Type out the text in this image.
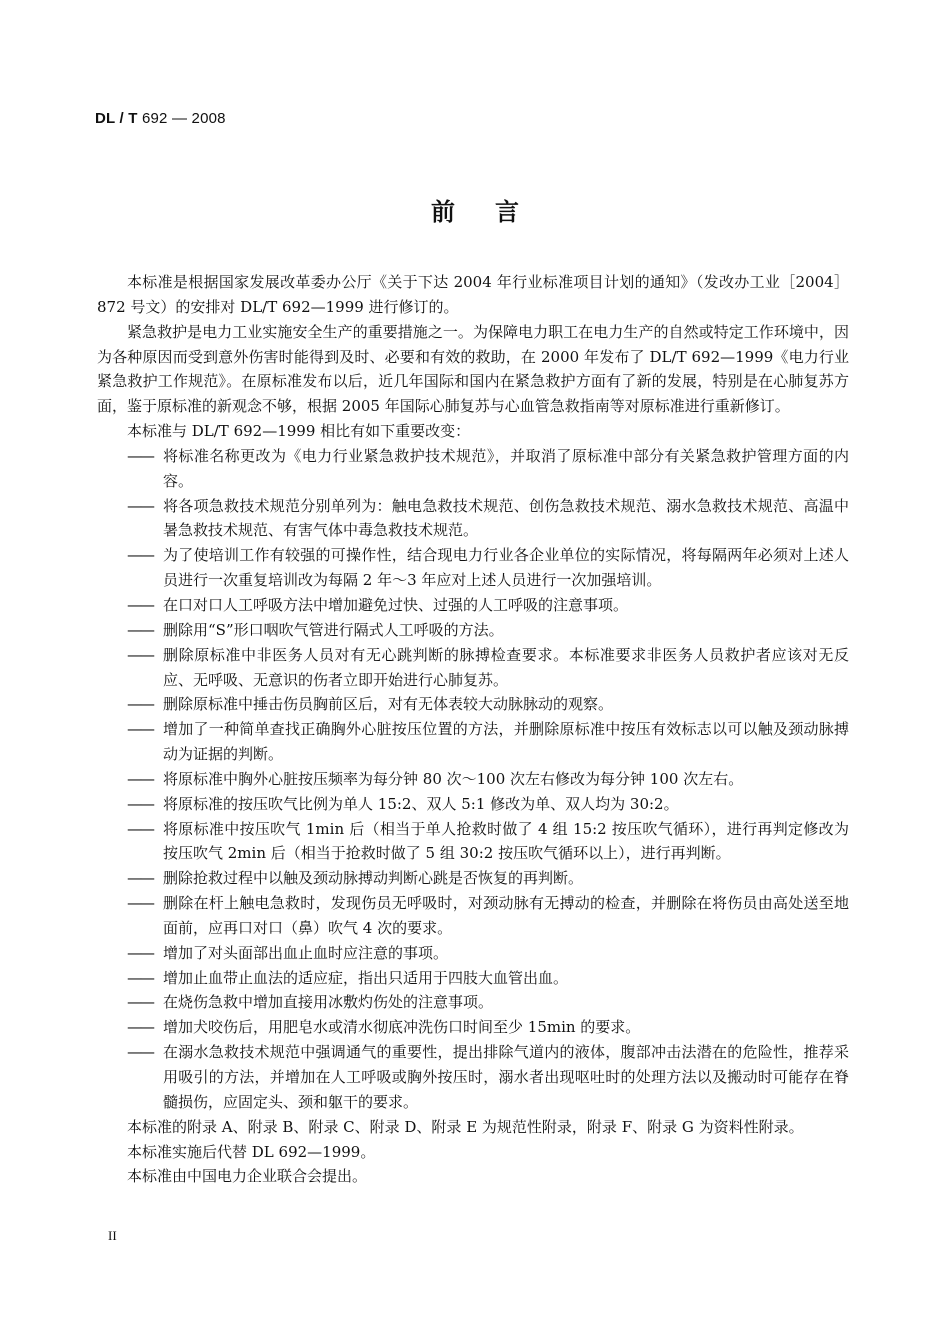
DL / T 692 — 2008
前言
本标准是根据国家发展改革委办公厅《关于下达 2004 年行业标准项目计划的通知》（发改办工业［2004］872 号文）的安排对 DL/T 692—1999 进行修订的。
紧急救护是电力工业实施安全生产的重要措施之一。为保障电力职工在电力生产的自然或特定工作环境中，因为各种原因而受到意外伤害时能得到及时、必要和有效的救助，在 2000 年发布了 DL/T 692—1999《电力行业紧急救护工作规范》。在原标准发布以后，近几年国际和国内在紧急救护方面有了新的发展，特别是在心肺复苏方面，鉴于原标准的新观念不够，根据 2005 年国际心肺复苏与心血管急救指南等对原标准进行重新修订。
本标准与 DL/T 692—1999 相比有如下重要改变：
—— 将标准名称更改为《电力行业紧急救护技术规范》，并取消了原标准中部分有关紧急救护管理方面的内容。
—— 将各项急救技术规范分别单列为：触电急救技术规范、创伤急救技术规范、溺水急救技术规范、高温中暑急救技术规范、有害气体中毒急救技术规范。
—— 为了使培训工作有较强的可操作性，结合现电力行业各企业单位的实际情况，将每隔两年必须对上述人员进行一次重复培训改为每隔 2 年～3 年应对上述人员进行一次加强培训。
—— 在口对口人工呼吸方法中增加避免过快、过强的人工呼吸的注意事项。
—— 删除用“S”形口咽吹气管进行隔式人工呼吸的方法。
—— 删除原标准中非医务人员对有无心跳判断的脉搏检查要求。本标准要求非医务人员救护者应该对无反应、无呼吸、无意识的伤者立即开始进行心肺复苏。
—— 删除原标准中捶击伤员胸前区后，对有无体表较大动脉脉动的观察。
—— 增加了一种简单查找正确胸外心脏按压位置的方法，并删除原标准中按压有效标志以可以触及颈动脉搏动为证据的判断。
—— 将原标准中胸外心脏按压频率为每分钟 80 次～100 次左右修改为每分钟 100 次左右。
—— 将原标准的按压吹气比例为单人 15:2、双人 5:1 修改为单、双人均为 30:2。
—— 将原标准中按压吹气 1min 后（相当于单人抢救时做了 4 组 15:2 按压吹气循环），进行再判定修改为按压吹气 2min 后（相当于抢救时做了 5 组 30:2 按压吹气循环以上），进行再判断。
—— 删除抢救过程中以触及颈动脉搏动判断心跳是否恢复的再判断。
—— 删除在杆上触电急救时，发现伤员无呼吸时，对颈动脉有无搏动的检查，并删除在将伤员由高处送至地面前，应再口对口（鼻）吹气 4 次的要求。
—— 增加了对头面部出血止血时应注意的事项。
—— 增加止血带止血法的适应症，指出只适用于四肢大血管出血。
—— 在烧伤急救中增加直接用冰敷灼伤处的注意事项。
—— 增加犬咬伤后，用肥皂水或清水彻底冲洗伤口时间至少 15min 的要求。
—— 在溺水急救技术规范中强调通气的重要性，提出排除气道内的液体，腹部冲击法潜在的危险性，推荐采用吸引的方法，并增加在人工呼吸或胸外按压时，溺水者出现呕吐时的处理方法以及搬动时可能存在脊髓损伤，应固定头、颈和躯干的要求。
本标准的附录 A、附录 B、附录 C、附录 D、附录 E 为规范性附录，附录 F、附录 G 为资料性附录。
本标准实施后代替 DL 692—1999。
本标准由中国电力企业联合会提出。
II
